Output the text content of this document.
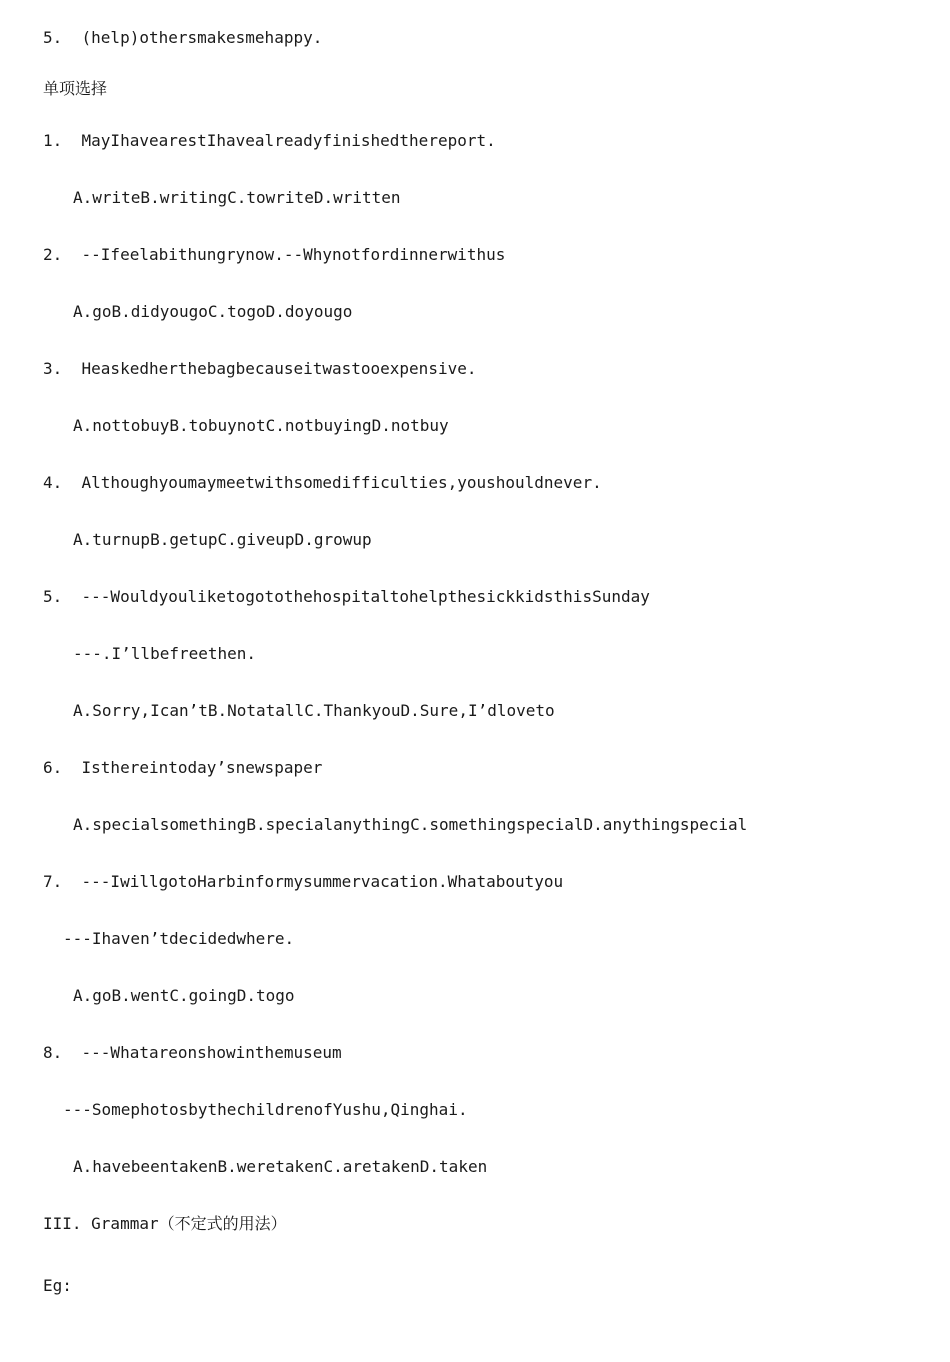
5.  (help)othersmakesmehappy.
单项选择
1.  MayIhavearestIhavealreadyfinishedthereport.
A.writeB.writingC.towriteD.written
2.  --Ifeelabithungrynow.--Whynotfordinnerwithus
A.goB.didyougoC.togoD.doyougo
3.  Heaskedherthebagbecauseitwastooexpensive.
A.nottobuyB.tobuynotC.notbuyingD.notbuy
4.  Althoughyoumaymeetwithsomedifficulties,youshouldnever.
A.turnupB.getupC.giveupD.growup
5.  ---WouldyouliketogotothehospitaltohelpthesickkidsthisSunday
---.I’llbefreethen.
A.Sorry,Ican’tB.NotatallC.ThankyouD.Sure,I’dloveto
6.  Isthereintoday’snewspaper
A.specialsomethingB.specialanythingC.somethingspecialD.anythingspecial
7.  ---IwillgotoHarbinformysummervacation.Whataboutyou
---Ihaven’tdecidedwhere.
A.goB.wentC.goingD.togo
8.  ---Whatareonshowinthemuseum
---SomephotosbythechildrenofYushu,Qinghai.
A.havebeentakenB.weretakenC.aretakenD.taken
III. Grammar（不定式的用法）
Eg:
